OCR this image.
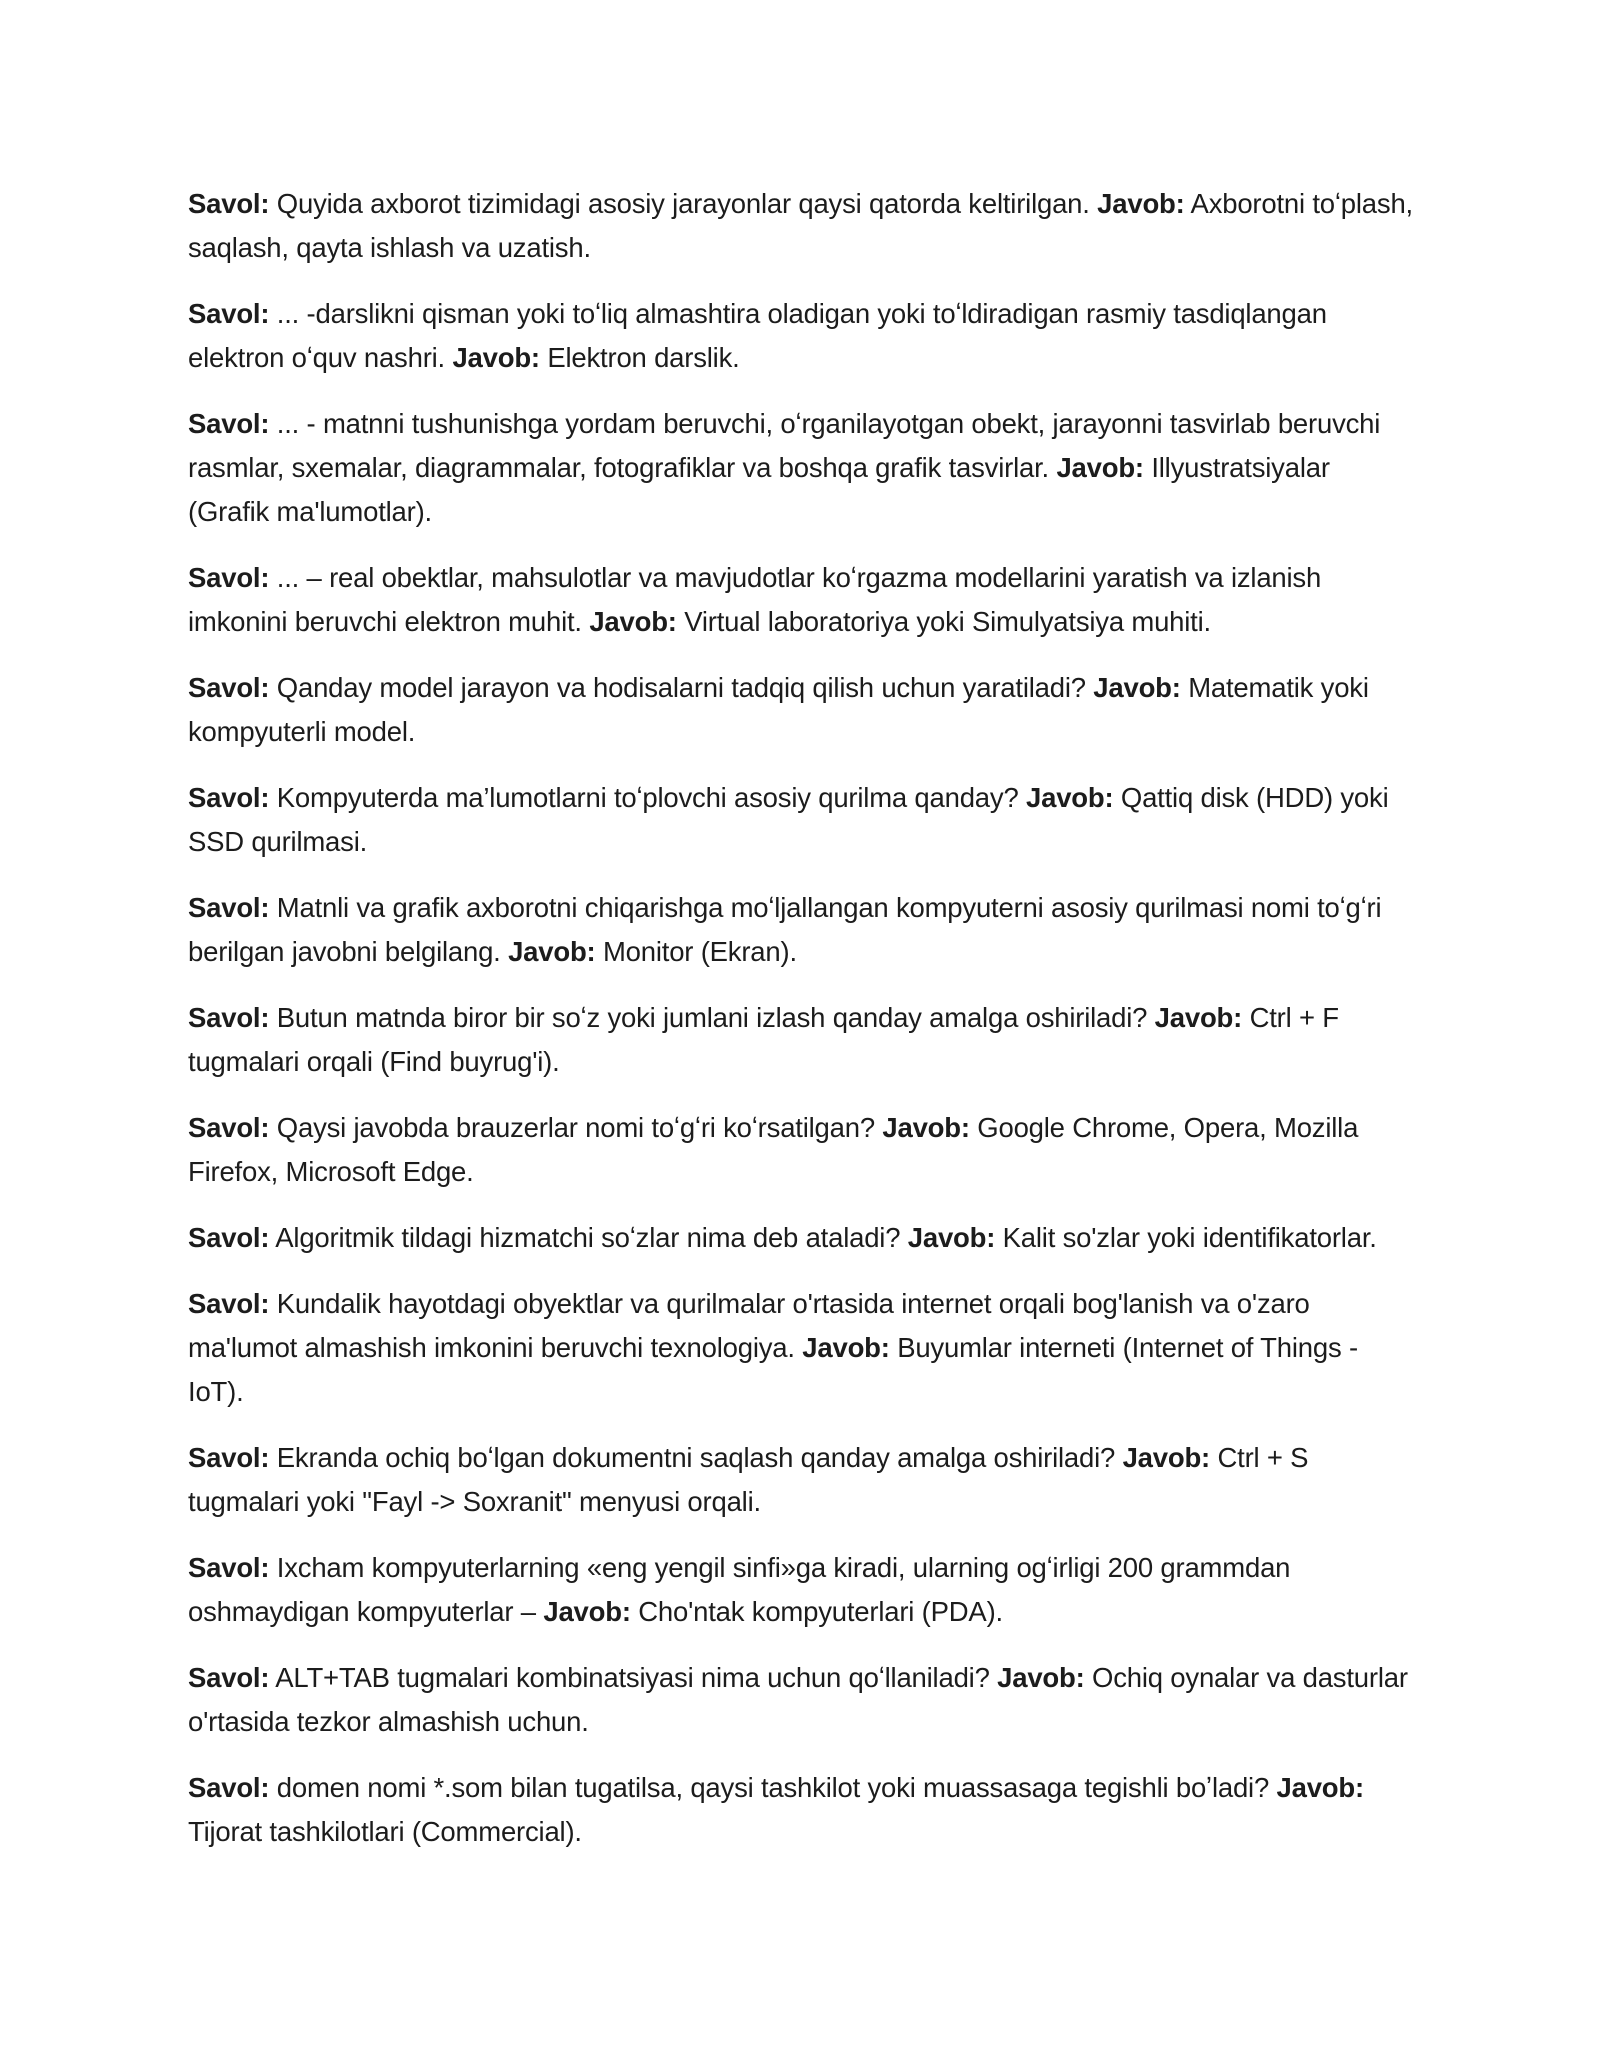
Savol: Quyida axborot tizimidagi asosiy jarayonlar qaysi qatorda keltirilgan. Javob: Axborotni toʻplash, saqlash, qayta ishlash va uzatish.

Savol: ... -darslikni qisman yoki toʻliq almashtira oladigan yoki toʻldiradigan rasmiy tasdiqlangan elektron oʻquv nashri. Javob: Elektron darslik.

Savol: ... - matnni tushunishga yordam beruvchi, oʻrganilayotgan obekt, jarayonni tasvirlab beruvchi rasmlar, sxemalar, diagrammalar, fotografiklar va boshqa grafik tasvirlar. Javob: Illyustratsiyalar (Grafik ma'lumotlar).

Savol: ... – real obektlar, mahsulotlar va mavjudotlar koʻrgazma modellarini yaratish va izlanish imkonini beruvchi elektron muhit. Javob: Virtual laboratoriya yoki Simulyatsiya muhiti.

Savol: Qanday model jarayon va hodisalarni tadqiq qilish uchun yaratiladi? Javob: Matematik yoki kompyuterli model.

Savol: Kompyuterda ma’lumotlarni toʻplovchi asosiy qurilma qanday? Javob: Qattiq disk (HDD) yoki SSD qurilmasi.

Savol: Matnli va grafik axborotni chiqarishga moʻljallangan kompyuterni asosiy qurilmasi nomi toʻgʻri berilgan javobni belgilang. Javob: Monitor (Ekran).

Savol: Butun matnda biror bir soʻz yoki jumlani izlash qanday amalga oshiriladi? Javob: Ctrl + F tugmalari orqali (Find buyrug'i).

Savol: Qaysi javobda brauzerlar nomi toʻgʻri koʻrsatilgan? Javob: Google Chrome, Opera, Mozilla Firefox, Microsoft Edge.

Savol: Algoritmik tildagi hizmatchi soʻzlar nima deb ataladi? Javob: Kalit so'zlar yoki identifikatorlar.

Savol: Kundalik hayotdagi obyektlar va qurilmalar o'rtasida internet orqali bog'lanish va o'zaro ma'lumot almashish imkonini beruvchi texnologiya. Javob: Buyumlar interneti (Internet of Things - IoT).

Savol: Ekranda ochiq boʻlgan dokumentni saqlash qanday amalga oshiriladi? Javob: Ctrl + S tugmalari yoki "Fayl -> Soxranit" menyusi orqali.

Savol: Ixcham kompyuterlarning «eng yengil sinfi»ga kiradi, ularning ogʻirligi 200 grammdan oshmaydigan kompyuterlar – Javob: Cho'ntak kompyuterlari (PDA).

Savol: ALT+TAB tugmalari kombinatsiyasi nima uchun qoʻllaniladi? Javob: Ochiq oynalar va dasturlar o'rtasida tezkor almashish uchun.

Savol: domen nomi *.som bilan tugatilsa, qaysi tashkilot yoki muassasaga tegishli boʼladi? Javob: Tijorat tashkilotlari (Commercial).
